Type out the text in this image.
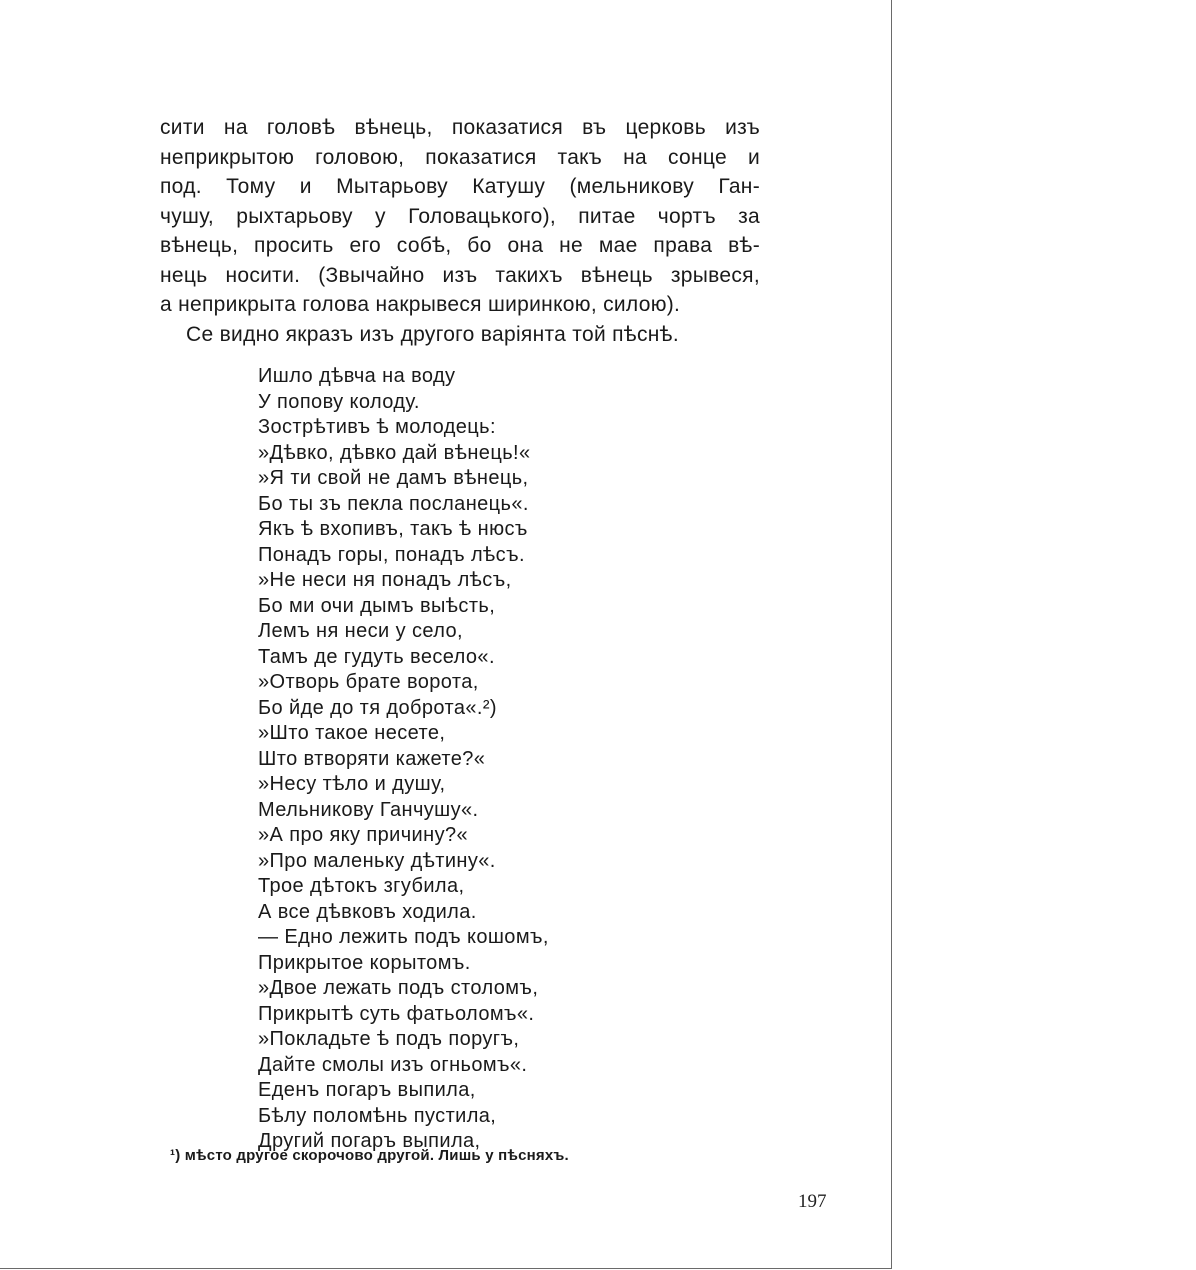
сити на головѣ вѣнець, показатися въ церковь изъ
неприкрытою головою, показатися такъ на сонце и
под. Тому и Мытарьову Катушу (мельникову Ган-
чушу, рыхтарьову у Головацького), питае чортъ за
вѣнець, просить его собѣ, бо она не мае права вѣ-
нець носити. (Звычайно изъ такихъ вѣнець зрывеся,
а неприкрыта голова накрывеся ширинкою, силою).
Се видно якразъ изъ другого варiянта той пѣснѣ.
Ишло дѣвча на воду
У попову колоду.
Зострѣтивъ ѣ молодець:
»Дѣвко, дѣвко дай вѣнець!«
»Я ти свой не дамъ вѣнець,
Бо ты зъ пекла посланець«.
Якъ ѣ вхопивъ, такъ ѣ нюсъ
Понадъ горы, понадъ лѣсъ.
»Не неси ня понадъ лѣсъ,
Бо ми очи дымъ выѣсть,
Лемъ ня неси у село,
Тамъ де гудуть весело«.
»Отворь брате ворота,
Бо йде до тя доброта«.²)
»Што такое несете,
Што втворяти кажете?«
»Несу тѣло и душу,
Мельникову Ганчушу«.
»А про яку причину?«
»Про маленьку дѣтину«.
Трое дѣтокъ згубила,
А все дѣвковъ ходила.
— Едно лежить подъ кошомъ,
Прикрытое корытомъ.
»Двое лежать подъ столомъ,
Прикрытѣ суть фатьоломъ«.
»Покладьте ѣ подъ поругъ,
Дайте смолы изъ огньомъ«.
Еденъ погаръ выпила,
Бѣлу поломѣнь пустила,
Другий погаръ выпила,
¹) мѣсто другое скорочово другой. Лишь у пѣсняхъ.
197
